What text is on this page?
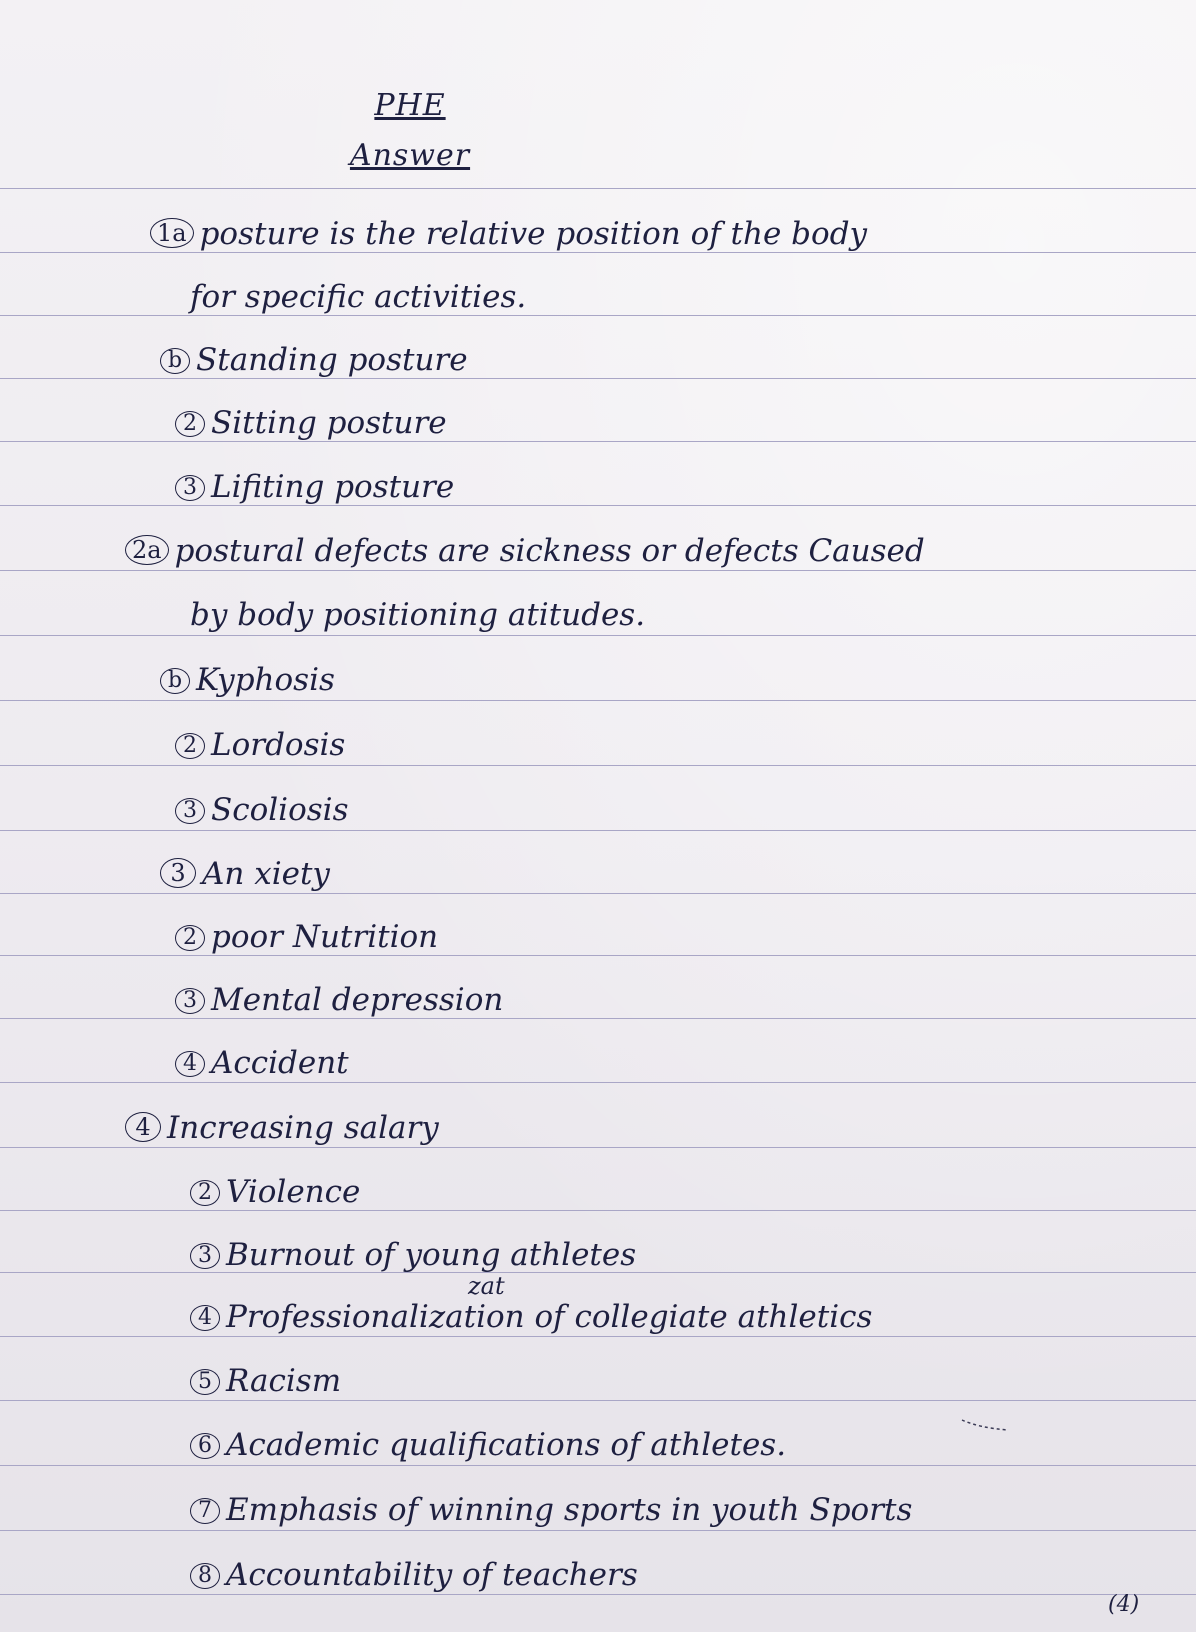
PHE
Answer
1a posture is the relative position of the body
for specific activities.
b Standing posture
2 Sitting posture
3 Lifiting posture
2a postural defects are sickness or defects Caused
by body positioning atitudes.
b Kyphosis
2 Lordosis
3 Scoliosis
3 An xiety
2 poor Nutrition
3 Mental depression
4 Accident
4 Increasing salary
2 Violence
3 Burnout of young athletes
zat
4 Professionalization of collegiate athletics
5 Racism
6 Academic qualifications of athletes.
7 Emphasis of winning sports in youth Sports
8 Accountability of teachers
(4)
